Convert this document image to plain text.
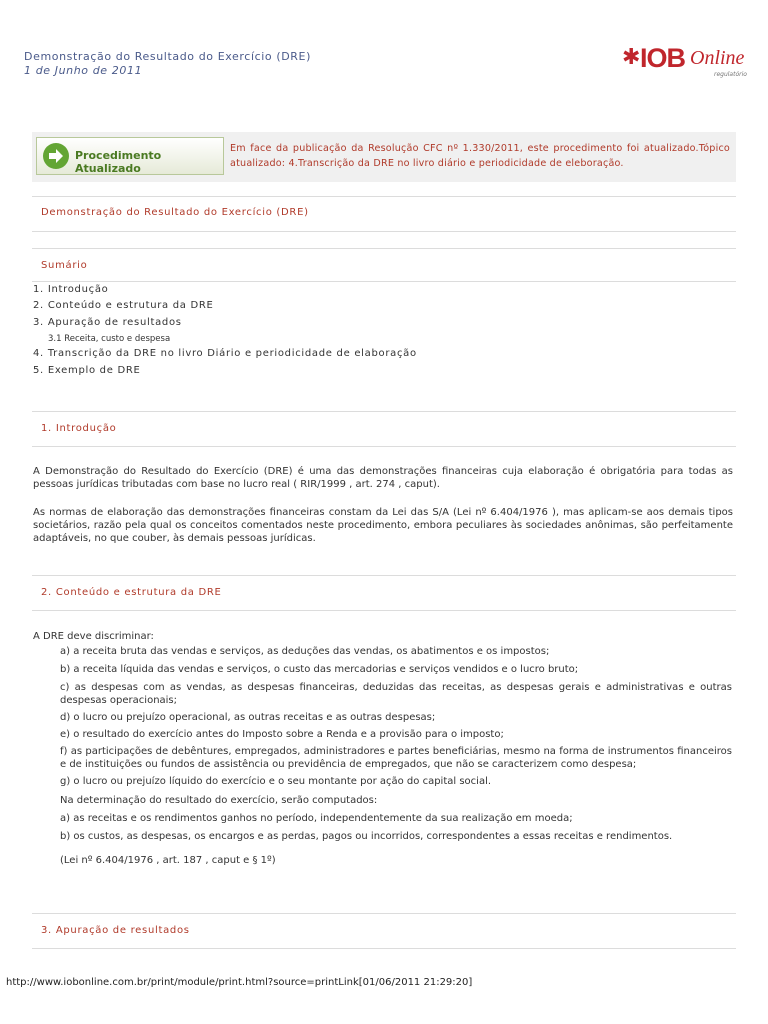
Demonstração do Resultado do Exercício (DRE)
1 de Junho de 2011
✱ IOB Online
regulatório
Procedimento Atualizado
Em face da publicação da Resolução CFC nº 1.330/2011, este procedimento foi atualizado.Tópico atualizado: 4.Transcrição da DRE no livro diário e periodicidade de eleboração.
Demonstração do Resultado do Exercício (DRE)
Sumário
1. Introdução
2. Conteúdo e estrutura da DRE
3. Apuração de resultados
3.1 Receita, custo e despesa
4. Transcrição da DRE no livro Diário e periodicidade de elaboração
5. Exemplo de DRE
1. Introdução
A Demonstração do Resultado do Exercício (DRE) é uma das demonstrações financeiras cuja elaboração é obrigatória para todas as pessoas jurídicas tributadas com base no lucro real ( RIR/1999 , art. 274 , caput).
As normas de elaboração das demonstrações financeiras constam da Lei das S/A (Lei nº 6.404/1976 ), mas aplicam-se aos demais tipos societários, razão pela qual os conceitos comentados neste procedimento, embora peculiares às sociedades anônimas, são perfeitamente adaptáveis, no que couber, às demais pessoas jurídicas.
2. Conteúdo e estrutura da DRE
A DRE deve discriminar:
a) a receita bruta das vendas e serviços, as deduções das vendas, os abatimentos e os impostos;
b) a receita líquida das vendas e serviços, o custo das mercadorias e serviços vendidos e o lucro bruto;
c) as despesas com as vendas, as despesas financeiras, deduzidas das receitas, as despesas gerais e administrativas e outras despesas operacionais;
d) o lucro ou prejuízo operacional, as outras receitas e as outras despesas;
e) o resultado do exercício antes do Imposto sobre a Renda e a provisão para o imposto;
f) as participações de debêntures, empregados, administradores e partes beneficiárias, mesmo na forma de instrumentos financeiros e de instituições ou fundos de assistência ou previdência de empregados, que não se caracterizem como despesa;
g) o lucro ou prejuízo líquido do exercício e o seu montante por ação do capital social.
Na determinação do resultado do exercício, serão computados:
a) as receitas e os rendimentos ganhos no período, independentemente da sua realização em moeda;
b) os custos, as despesas, os encargos e as perdas, pagos ou incorridos, correspondentes a essas receitas e rendimentos.
(Lei nº 6.404/1976 , art. 187 , caput e § 1º)
3. Apuração de resultados
http://www.iobonline.com.br/print/module/print.html?source=printLink[01/06/2011 21:29:20]
